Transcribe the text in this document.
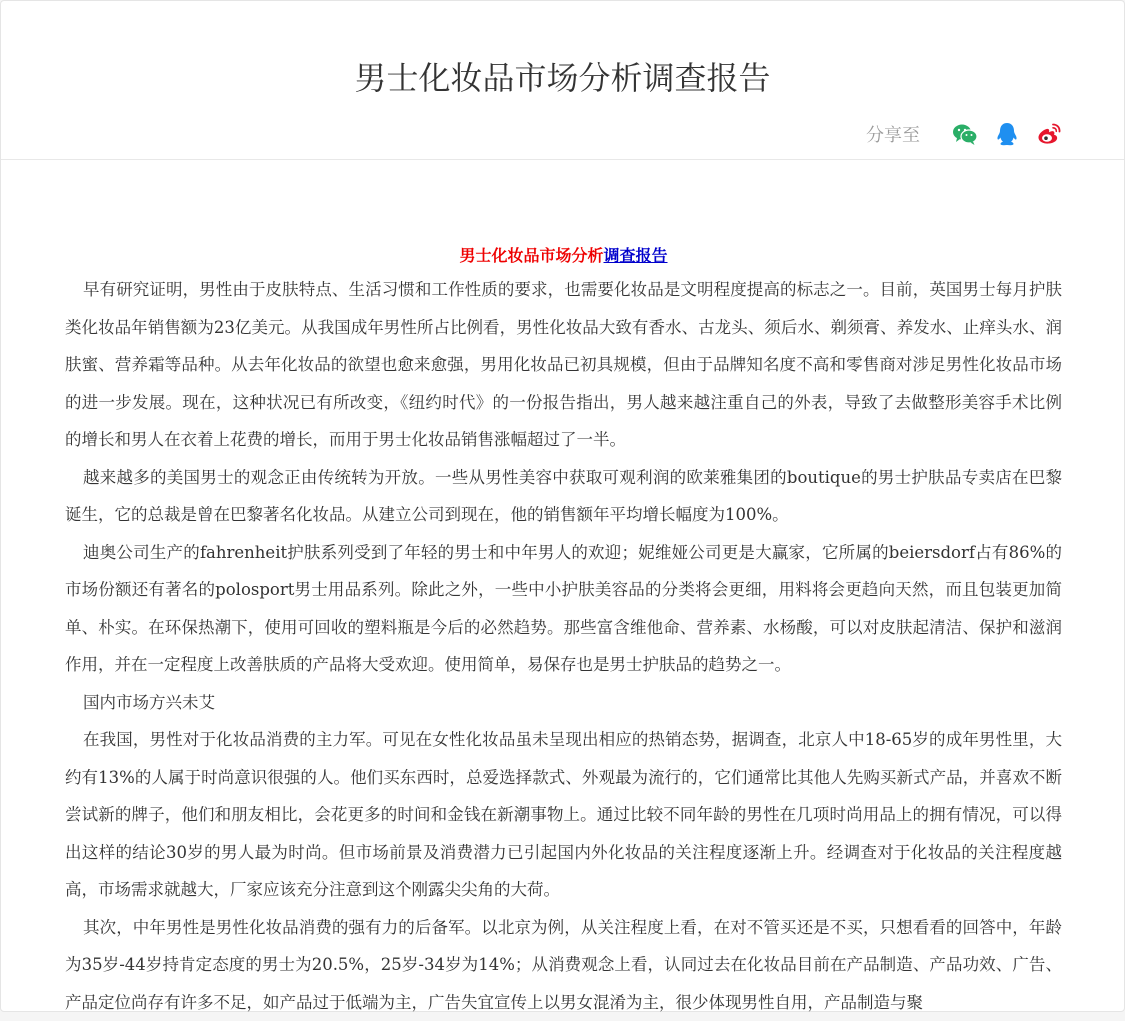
男士化妆品市场分析调查报告
分享至
男士化妆品市场分析调查报告

早有研究证明，男性由于皮肤特点、生活习惯和工作性质的要求，也需要化妆品是文明程度提高的标志之一。目前，英国男士每月护肤类化妆品年销售额为23亿美元。从我国成年男性所占比例看，男性化妆品大致有香水、古龙头、须后水、剃须膏、养发水、止痒头水、润肤蜜、营养霜等品种。从去年化妆品的欲望也愈来愈强，男用化妆品已初具规模，但由于品牌知名度不高和零售商对涉足男性化妆品市场的进一步发展。现在，这种状况已有所改变，《纽约时代》的一份报告指出，男人越来越注重自己的外表，导致了去做整形美容手术比例的增长和男人在衣着上花费的增长，而用于男士化妆品销售涨幅超过了一半。

越来越多的美国男士的观念正由传统转为开放。一些从男性美容中获取可观利润的欧莱雅集团的boutique的男士护肤品专卖店在巴黎诞生，它的总裁是曾在巴黎著名化妆品。从建立公司到现在，他的销售额年平均增长幅度为100%。

迪奥公司生产的fahrenheit护肤系列受到了年轻的男士和中年男人的欢迎；妮维娅公司更是大赢家，它所属的beiersdorf占有86%的市场份额还有著名的polosport男士用品系列。除此之外，一些中小护肤美容品的分类将会更细，用料将会更趋向天然，而且包装更加简单、朴实。在环保热潮下，使用可回收的塑料瓶是今后的必然趋势。那些富含维他命、营养素、水杨酸，可以对皮肤起清洁、保护和滋润作用，并在一定程度上改善肤质的产品将大受欢迎。使用简单，易保存也是男士护肤品的趋势之一。

国内市场方兴未艾

在我国，男性对于化妆品消费的主力军。可见在女性化妆品虽未呈现出相应的热销态势，据调查，北京人中18-65岁的成年男性里，大约有13%的人属于时尚意识很强的人。他们买东西时，总爱选择款式、外观最为流行的，它们通常比其他人先购买新式产品，并喜欢不断尝试新的牌子，他们和朋友相比，会花更多的时间和金钱在新潮事物上。通过比较不同年龄的男性在几项时尚用品上的拥有情况，可以得出这样的结论30岁的男人最为时尚。但市场前景及消费潜力已引起国内外化妆品的关注程度逐渐上升。经调查对于化妆品的关注程度越高，市场需求就越大，厂家应该充分注意到这个刚露尖尖角的大荷。

其次，中年男性是男性化妆品消费的强有力的后备军。以北京为例，从关注程度上看，在对不管买还是不买，只想看看的回答中，年龄为35岁-44岁持肯定态度的男士为20.5%，25岁-34岁为14%；从消费观念上看，认同过去在化妆品目前在产品制造、产品功效、广告、产品定位尚存有许多不足，如产品过于低端为主，广告失宜宣传上以男女混淆为主，很少体现男性自用，产品制造与聚
